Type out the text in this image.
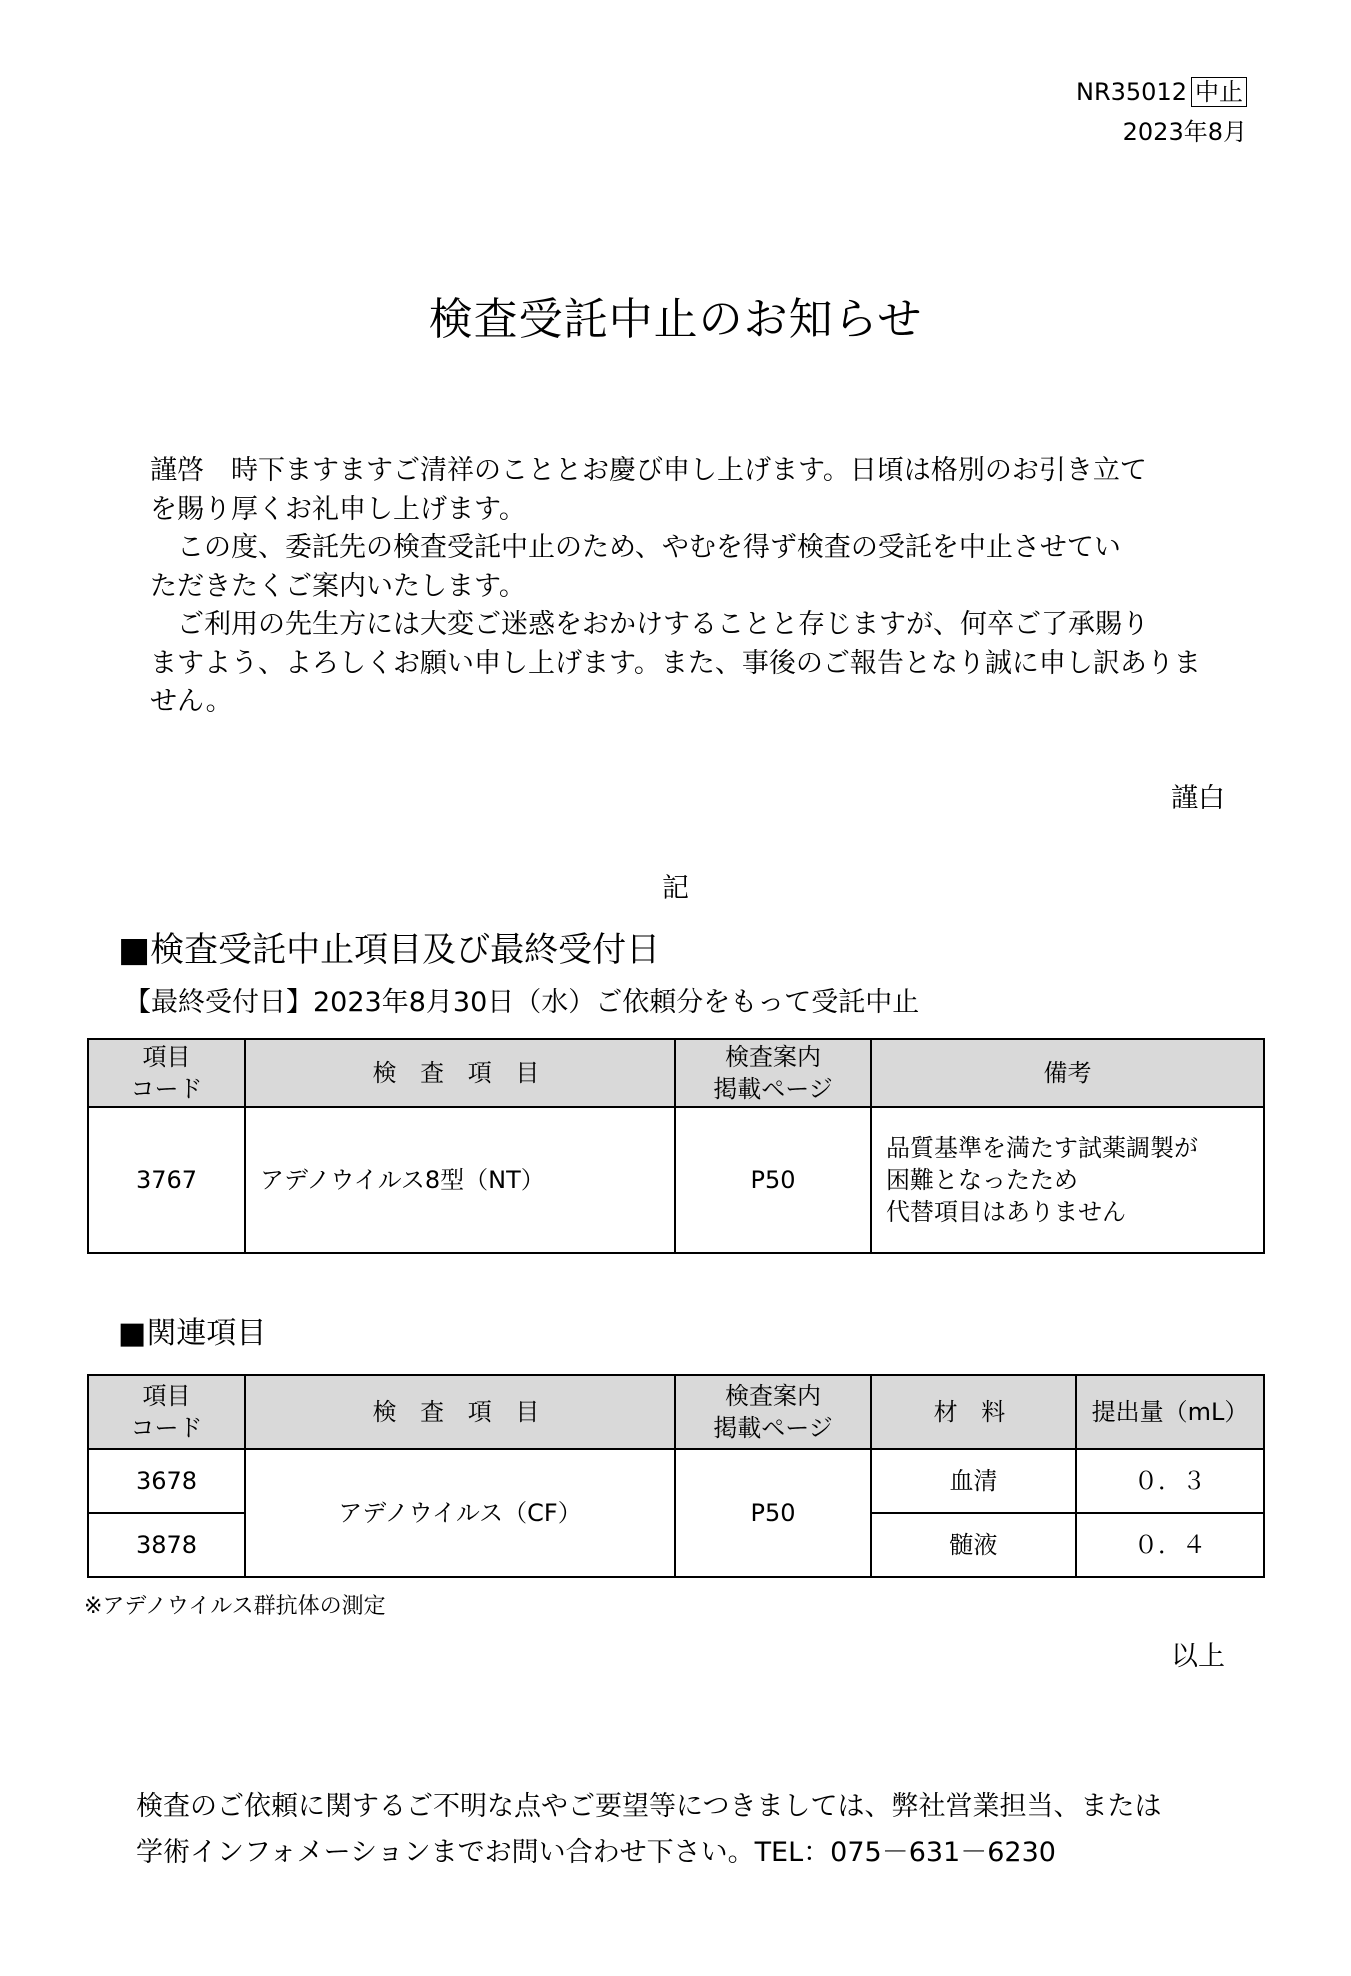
NR35012 中止
2023年8月
検査受託中止のお知らせ

謹啓　時下ますますご清祥のこととお慶び申し上げます。日頃は格別のお引き立て

を賜り厚くお礼申し上げます。

　この度、委託先の検査受託中止のため、やむを得ず検査の受託を中止させてい

ただきたくご案内いたします。

　ご利用の先生方には大変ご迷惑をおかけすることと存じますが、何卒ご了承賜り

ますよう、よろしくお願い申し上げます。また、事後のご報告となり誠に申し訳ありま

せん。

謹白
記
■検査受託中止項目及び最終受付日
【最終受付日】2023年8月30日（水）ご依頼分をもって受託中止
項目
コード	検 査 項 目	検査案内
掲載ページ	備考
3767	アデノウイルス8型（NT）	P50	品質基準を満たす試薬調製が
困難となったため
代替項目はありません
■関連項目
項目
コード	検 査 項 目	検査案内
掲載ページ	材 料	提出量（mL）
3678	アデノウイルス（CF）	P50	血清	０．３
3878			髄液	０．４
※アデノウイルス群抗体の測定
以上

検査のご依頼に関するご不明な点やご要望等につきましては、弊社営業担当、または

学術インフォメーションまでお問い合わせ下さい。TEL：075－631－6230
